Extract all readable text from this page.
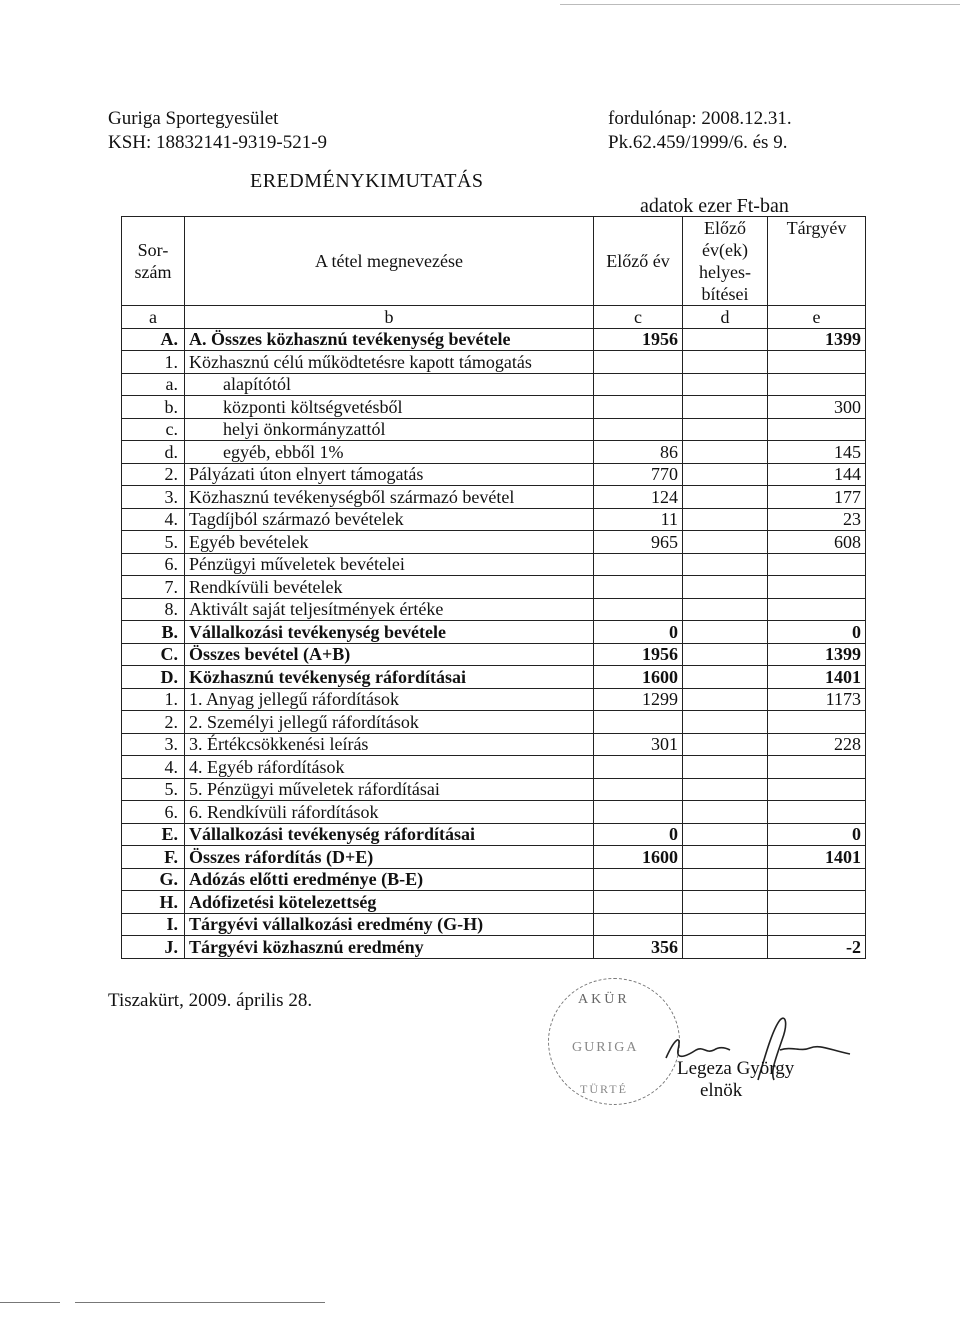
Guriga Sportegyesület
KSH: 18832141-9319-521-9
fordulónap: 2008.12.31.
Pk.62.459/1999/6. és 9.
EREDMÉNYKIMUTATÁS
adatok ezer Ft-ban
Sor-
szám	A tétel megnevezése	Előző év	Előző
év(ek)
helyes-
bítései	Tárgyév
a	b	c	d	e
A.	A. Összes közhasznú tevékenység bevétele	1956		1399
1.	Közhasznú célú működtetésre kapott támogatás			
a.	alapítótól			
b.	központi költségvetésből			300
c.	helyi önkormányzattól			
d.	egyéb, ebből 1%	86		145
2.	Pályázati úton elnyert támogatás	770		144
3.	Közhasznú tevékenységből származó bevétel	124		177
4.	Tagdíjból származó bevételek	11		23
5.	Egyéb bevételek	965		608
6.	Pénzügyi műveletek bevételei			
7.	Rendkívüli bevételek			
8.	Aktivált saját teljesítmények értéke			
B.	Vállalkozási tevékenység bevétele	0		0
C.	Összes bevétel (A+B)	1956		1399
D.	Közhasznú tevékenység ráfordításai	1600		1401
1.	1. Anyag jellegű ráfordítások	1299		1173
2.	2. Személyi jellegű ráfordítások			
3.	3. Értékcsökkenési leírás	301		228
4.	4. Egyéb ráfordítások			
5.	5. Pénzügyi műveletek ráfordításai			
6.	6. Rendkívüli ráfordítások			
E.	Vállalkozási tevékenység ráfordításai	0		0
F.	Összes ráfordítás (D+E)	1600		1401
G.	Adózás előtti eredménye (B-E)			
H.	Adófizetési kötelezettség			
I.	Tárgyévi vállalkozási eredmény (G-H)			
J.	Tárgyévi közhasznú eredmény	356		-2
Tiszakürt, 2009. április 28.	AKÜR
GURIGA
TÜRTÉ
Legeza György
elnök
